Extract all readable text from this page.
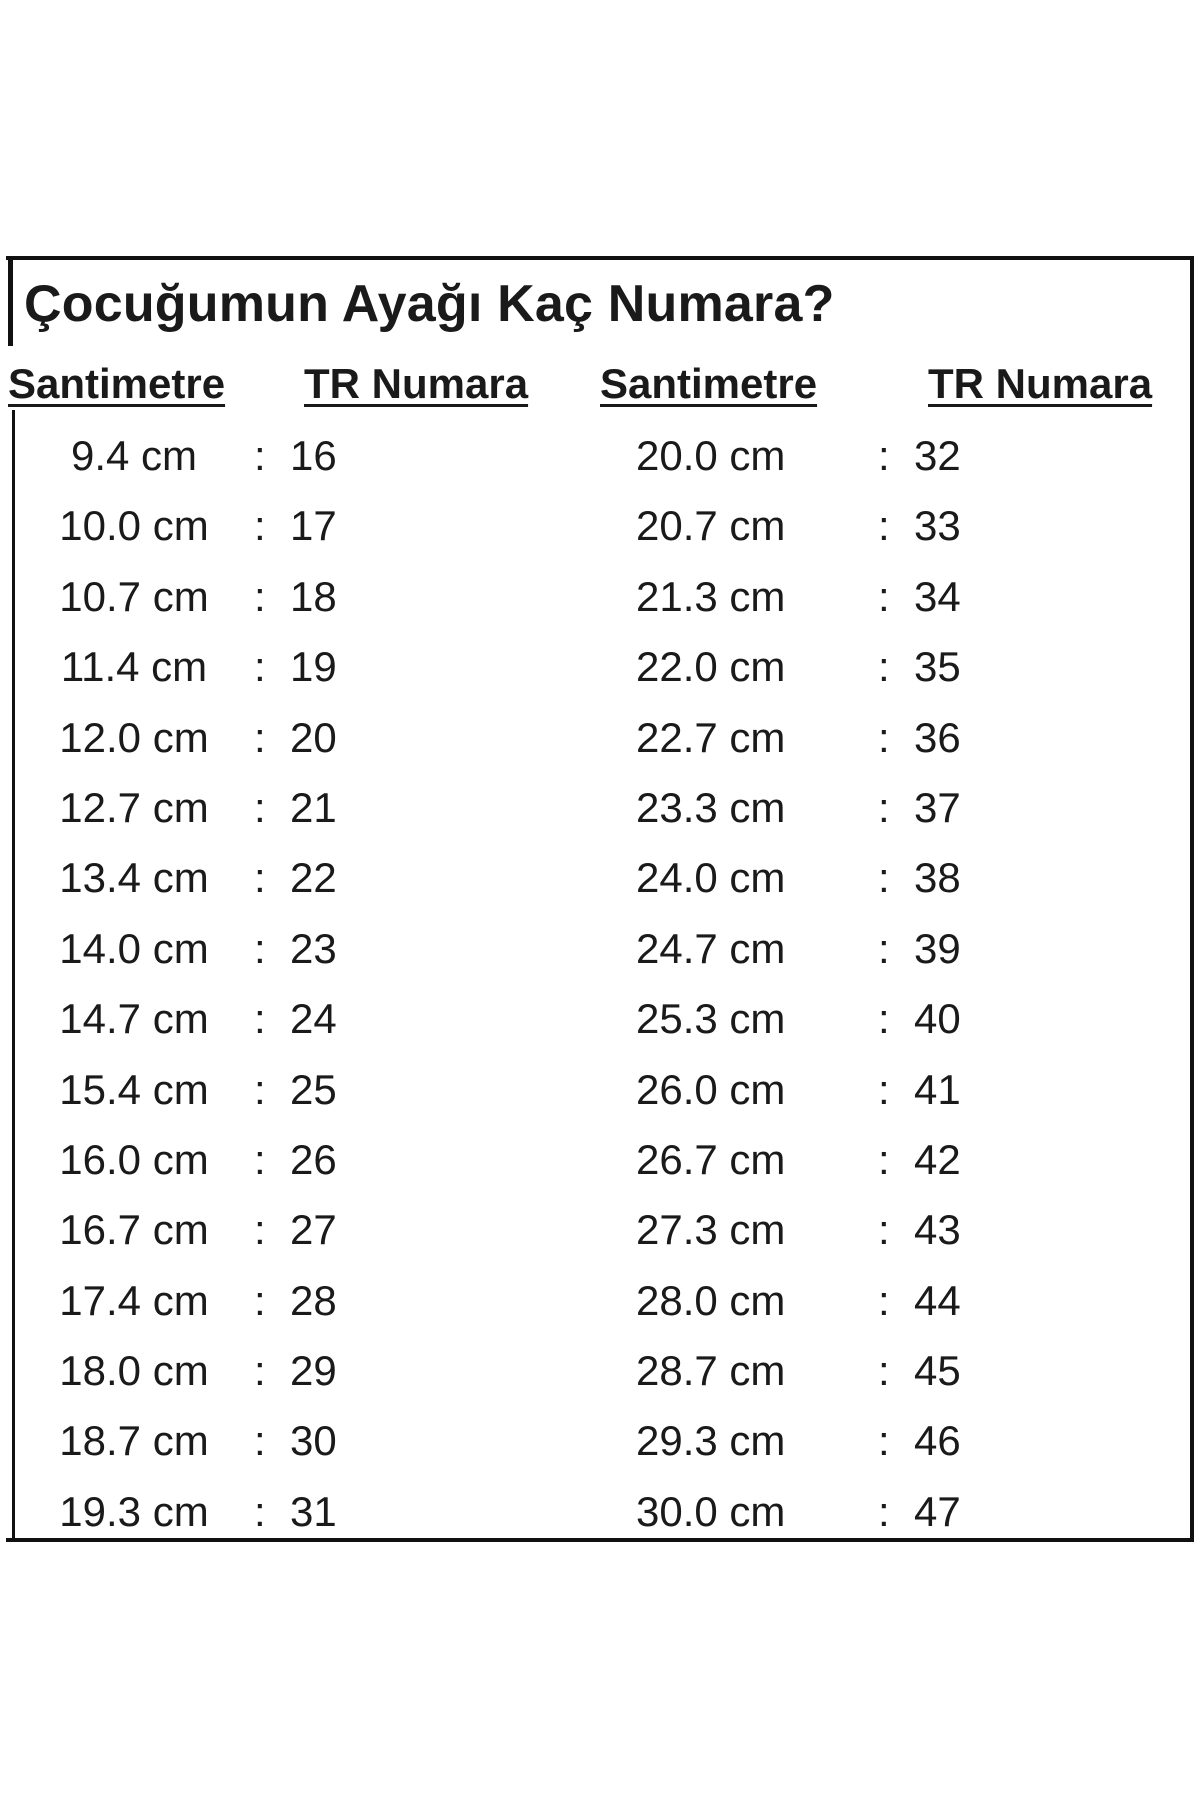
Çocuğumun Ayağı Kaç Numara?
Santimetre TR Numara Santimetre	TR Numara
9.4 cm	: 16	20.0 cm : 32
10.0 cm	: 17	20.7 cm : 33
10.7 cm	: 18	21.3 cm : 34
11.4 cm	: 19	22.0 cm : 35
12.0 cm	: 20	22.7 cm : 36
12.7 cm	: 21	23.3 cm : 37
13.4 cm	: 22	24.0 cm : 38
14.0 cm	: 23	24.7 cm : 39
14.7 cm	: 24	25.3 cm : 40
15.4 cm	: 25	26.0 cm : 41
16.0 cm	: 26	26.7 cm : 42
16.7 cm	: 27	27.3 cm : 43
17.4 cm	: 28	28.0 cm : 44
18.0 cm	: 29	28.7 cm : 45
18.7 cm	: 30	29.3 cm : 46
19.3 cm	: 31	30.0 cm : 47
